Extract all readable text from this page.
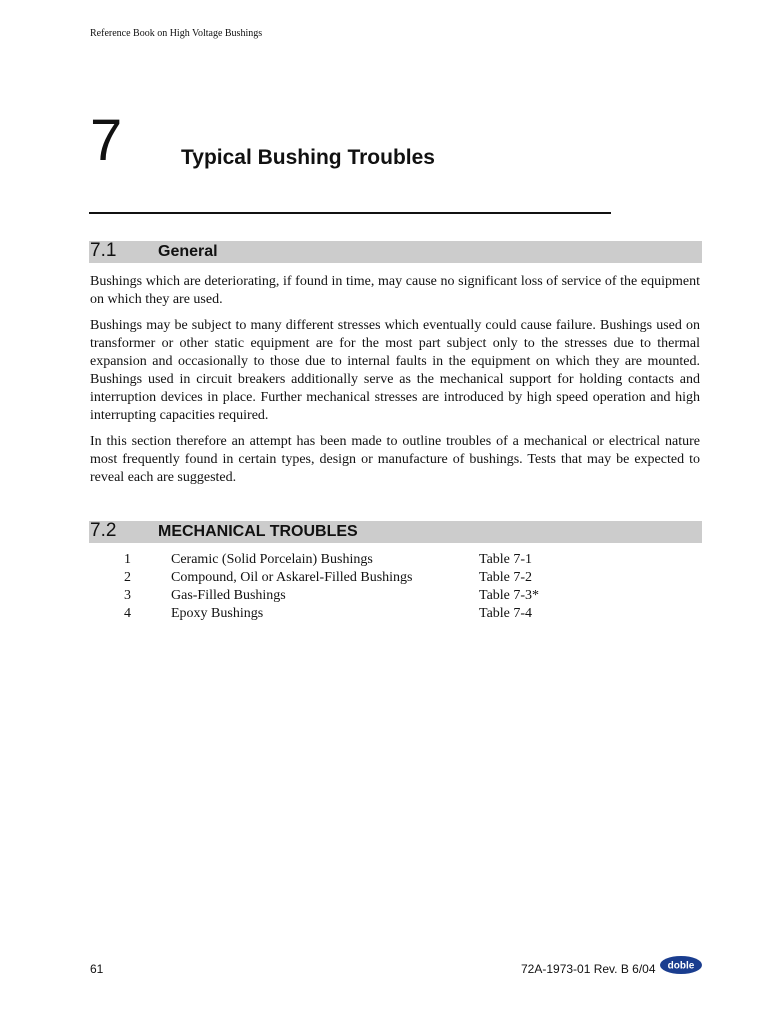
Reference Book on High Voltage Bushings
7	Typical Bushing Troubles
7.1	General

Bushings which are deteriorating, if found in time, may cause no significant loss of service of the equipment on which they are used.

Bushings may be subject to many different stresses which eventually could cause failure. Bushings used on transformer or other static equipment are for the most part subject only to the stresses due to thermal expansion and occasionally to those due to internal faults in the equipment on which they are mounted. Bushings used in circuit breakers additionally serve as the mechanical support for holding contacts and interruption devices in place. Further mechanical stresses are introduced by high speed operation and high interrupting capacities required.

In this section therefore an attempt has been made to outline troubles of a mechanical or electrical nature most frequently found in certain types, design or manufacture of bushings. Tests that may be expected to reveal each are suggested.

7.2	MECHANICAL TROUBLES
1	Ceramic (Solid Porcelain) Bushings	Table 7-1
2	Compound, Oil or Askarel-Filled Bushings	Table 7-2
3	Gas-Filled Bushings	Table 7-3*
4	Epoxy Bushings	Table 7-4
61	72A-1973-01 Rev. B 6/04 doble
